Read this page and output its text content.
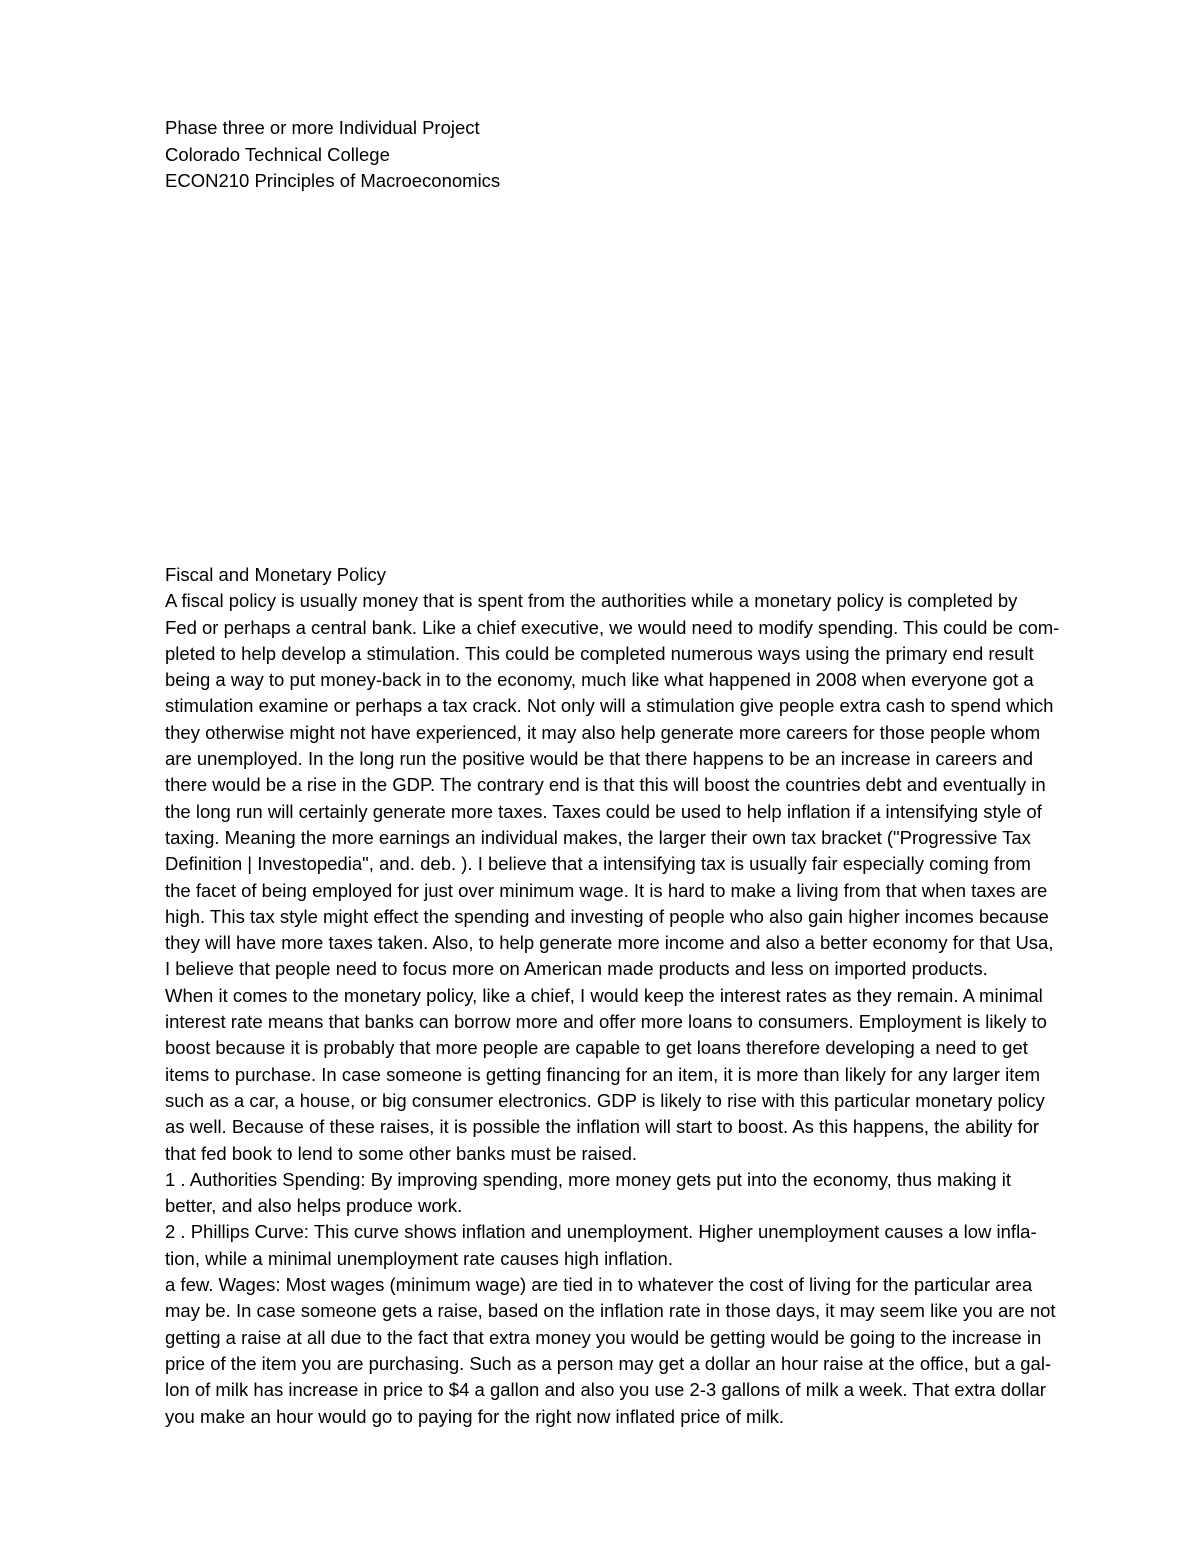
Phase three or more Individual Project
Colorado Technical College
ECON210 Principles of Macroeconomics
Fiscal and Monetary Policy
A fiscal policy is usually money that is spent from the authorities while a monetary policy is completed by
Fed or perhaps a central bank. Like a chief executive, we would need to modify spending. This could be com-
pleted to help develop a stimulation. This could be completed numerous ways using the primary end result
being a way to put money-back in to the economy, much like what happened in 2008 when everyone got a
stimulation examine or perhaps a tax crack. Not only will a stimulation give people extra cash to spend which
they otherwise might not have experienced, it may also help generate more careers for those people whom
are unemployed. In the long run the positive would be that there happens to be an increase in careers and
there would be a rise in the GDP. The contrary end is that this will boost the countries debt and eventually in
the long run will certainly generate more taxes. Taxes could be used to help inflation if a intensifying style of
taxing. Meaning the more earnings an individual makes, the larger their own tax bracket ("Progressive Tax
Definition | Investopedia", and. deb. ). I believe that a intensifying tax is usually fair especially coming from
the facet of being employed for just over minimum wage. It is hard to make a living from that when taxes are
high. This tax style might effect the spending and investing of people who also gain higher incomes because
they will have more taxes taken. Also, to help generate more income and also a better economy for that Usa,
I believe that people need to focus more on American made products and less on imported products.
When it comes to the monetary policy, like a chief, I would keep the interest rates as they remain. A minimal
interest rate means that banks can borrow more and offer more loans to consumers. Employment is likely to
boost because it is probably that more people are capable to get loans therefore developing a need to get
items to purchase. In case someone is getting financing for an item, it is more than likely for any larger item
such as a car, a house, or big consumer electronics. GDP is likely to rise with this particular monetary policy
as well. Because of these raises, it is possible the inflation will start to boost. As this happens, the ability for
that fed book to lend to some other banks must be raised.
1 . Authorities Spending: By improving spending, more money gets put into the economy, thus making it
better, and also helps produce work.
2 . Phillips Curve: This curve shows inflation and unemployment. Higher unemployment causes a low infla-
tion, while a minimal unemployment rate causes high inflation.
a few. Wages: Most wages (minimum wage) are tied in to whatever the cost of living for the particular area
may be. In case someone gets a raise, based on the inflation rate in those days, it may seem like you are not
getting a raise at all due to the fact that extra money you would be getting would be going to the increase in
price of the item you are purchasing. Such as a person may get a dollar an hour raise at the office, but a gal-
lon of milk has increase in price to $4 a gallon and also you use 2-3 gallons of milk a week. That extra dollar
you make an hour would go to paying for the right now inflated price of milk.
